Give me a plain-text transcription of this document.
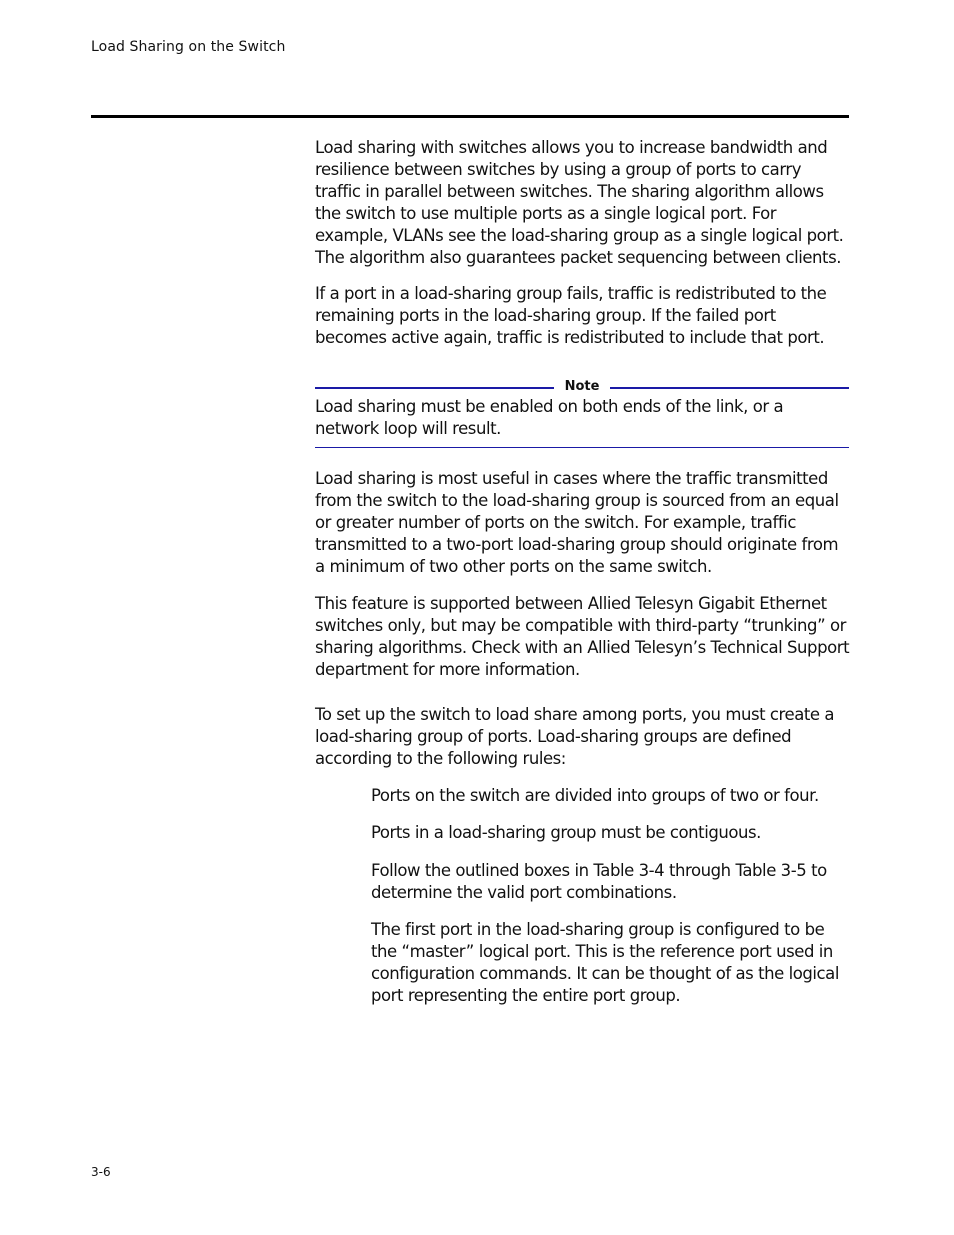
Load Sharing on the Switch

Load sharing with switches allows you to increase bandwidth and resilience between switches by using a group of ports to carry traffic in parallel between switches. The sharing algorithm allows the switch to use multiple ports as a single logical port. For example, VLANs see the load-sharing group as a single logical port. The algorithm also guarantees packet sequencing between clients.

If a port in a load-sharing group fails, traffic is redistributed to the remaining ports in the load-sharing group. If the failed port becomes active again, traffic is redistributed to include that port.

Note
Load sharing must be enabled on both ends of the link, or a network loop will result.

Load sharing is most useful in cases where the traffic transmitted from the switch to the load-sharing group is sourced from an equal or greater number of ports on the switch. For example, traffic transmitted to a two-port load-sharing group should originate from a minimum of two other ports on the same switch.

This feature is supported between Allied Telesyn Gigabit Ethernet switches only, but may be compatible with third-party “trunking” or sharing algorithms. Check with an Allied Telesyn’s Technical Support department for more information.

To set up the switch to load share among ports, you must create a load-sharing group of ports. Load-sharing groups are defined according to the following rules:

Ports on the switch are divided into groups of two or four.

Ports in a load-sharing group must be contiguous.

Follow the outlined boxes in Table 3-4 through Table 3-5 to determine the valid port combinations.

The first port in the load-sharing group is configured to be the “master” logical port. This is the reference port used in configuration commands. It can be thought of as the logical port representing the entire port group.

3-6
